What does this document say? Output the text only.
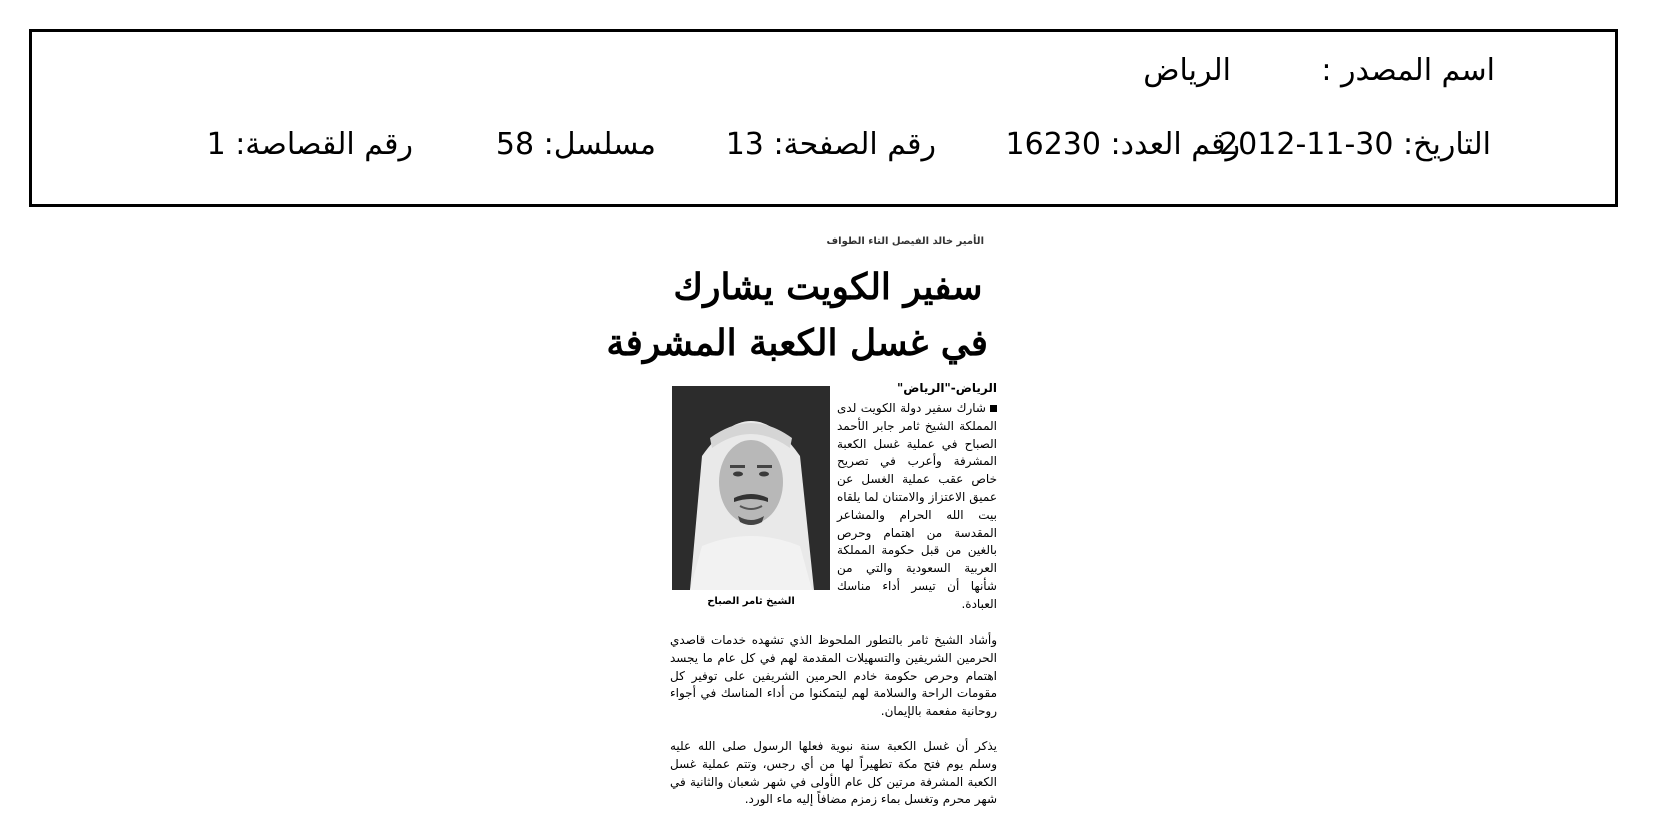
اسم المصدر :
الرياض
التاريخ: 30-11-2012
رقم العدد: 16230
رقم الصفحة: 13
مسلسل: 58
رقم القصاصة: 1
الأمير خالد الفيصل التاء الطواف
سفير الكويت يشارك
في غسل الكعبة المشرفة
الرياض-"الرياض"
شارك سفير دولة الكويت لدى المملكة الشيخ ثامر جابر الأحمد الصباح في عملية غسل الكعبة المشرفة وأعرب في تصريح خاص عقب عملية الغسل عن عميق الاعتزاز والامتنان لما يلقاه بيت الله الحرام والمشاعر المقدسة من اهتمام وحرص بالغين من قبل حكومة المملكة العربية السعودية والتي من شأنها أن تيسر أداء مناسك العبادة.
الشيخ ثامر الصباح
وأشاد الشيخ ثامر بالتطور الملحوظ الذي تشهده خدمات قاصدي الحرمين الشريفين والتسهيلات المقدمة لهم في كل عام ما يجسد اهتمام وحرص حكومة خادم الحرمين الشريفين على توفير كل مقومات الراحة والسلامة لهم ليتمكنوا من أداء المناسك في أجواء روحانية مفعمة بالإيمان.
يذكر أن غسل الكعبة سنة نبوية فعلها الرسول صلى الله عليه وسلم يوم فتح مكة تطهيراً لها من أي رجس، وتتم عملية غسل الكعبة المشرفة مرتين كل عام الأولى في شهر شعبان والثانية في شهر محرم وتغسل بماء زمزم مضافاً إليه ماء الورد.
